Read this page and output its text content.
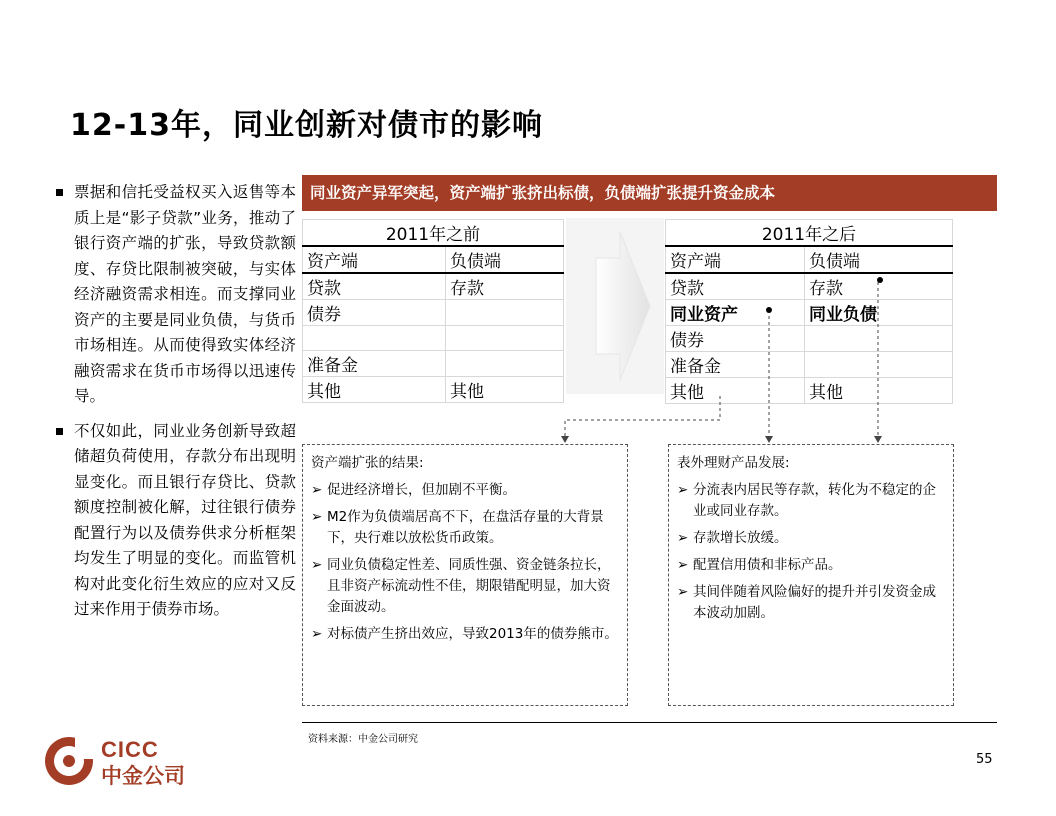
12-13年，同业创新对债市的影响
票据和信托受益权买入返售等本质上是“影子贷款”业务，推动了银行资产端的扩张，导致贷款额度、存贷比限制被突破，与实体经济融资需求相连。而支撑同业资产的主要是同业负债，与货币市场相连。从而使得致实体经济融资需求在货币市场得以迅速传导。
不仅如此，同业业务创新导致超储超负荷使用，存款分布出现明显变化。而且银行存贷比、贷款额度控制被化解，过往银行债券配置行为以及债券供求分析框架均发生了明显的变化。而监管机构对此变化衍生效应的应对又反过来作用于债券市场。
同业资产异军突起，资产端扩张挤出标债，负债端扩张提升资金成本
2011年之前	
资产端	负债端
贷款	存款
债券	

准备金	
其他	其他
2011年之后	
资产端	负债端
贷款	存款
同业资产	同业负债
债券	
准备金	
其他	其他
资产端扩张的结果:
➢ 促进经济增长，但加剧不平衡。
➢ M2作为负债端居高不下，在盘活存量的大背景下，央行难以放松货币政策。
➢ 同业负债稳定性差、同质性强、资金链条拉长，且非资产标流动性不佳，期限错配明显，加大资金面波动。
➢ 对标债产生挤出效应，导致2013年的债券熊市。
表外理财产品发展:
➢ 分流表内居民等存款，转化为不稳定的企业或同业存款。
➢ 存款增长放缓。
➢ 配置信用债和非标产品。
➢ 其间伴随着风险偏好的提升并引发资金成本波动加剧。
资料来源：中金公司研究
55
CICC
中金公司
